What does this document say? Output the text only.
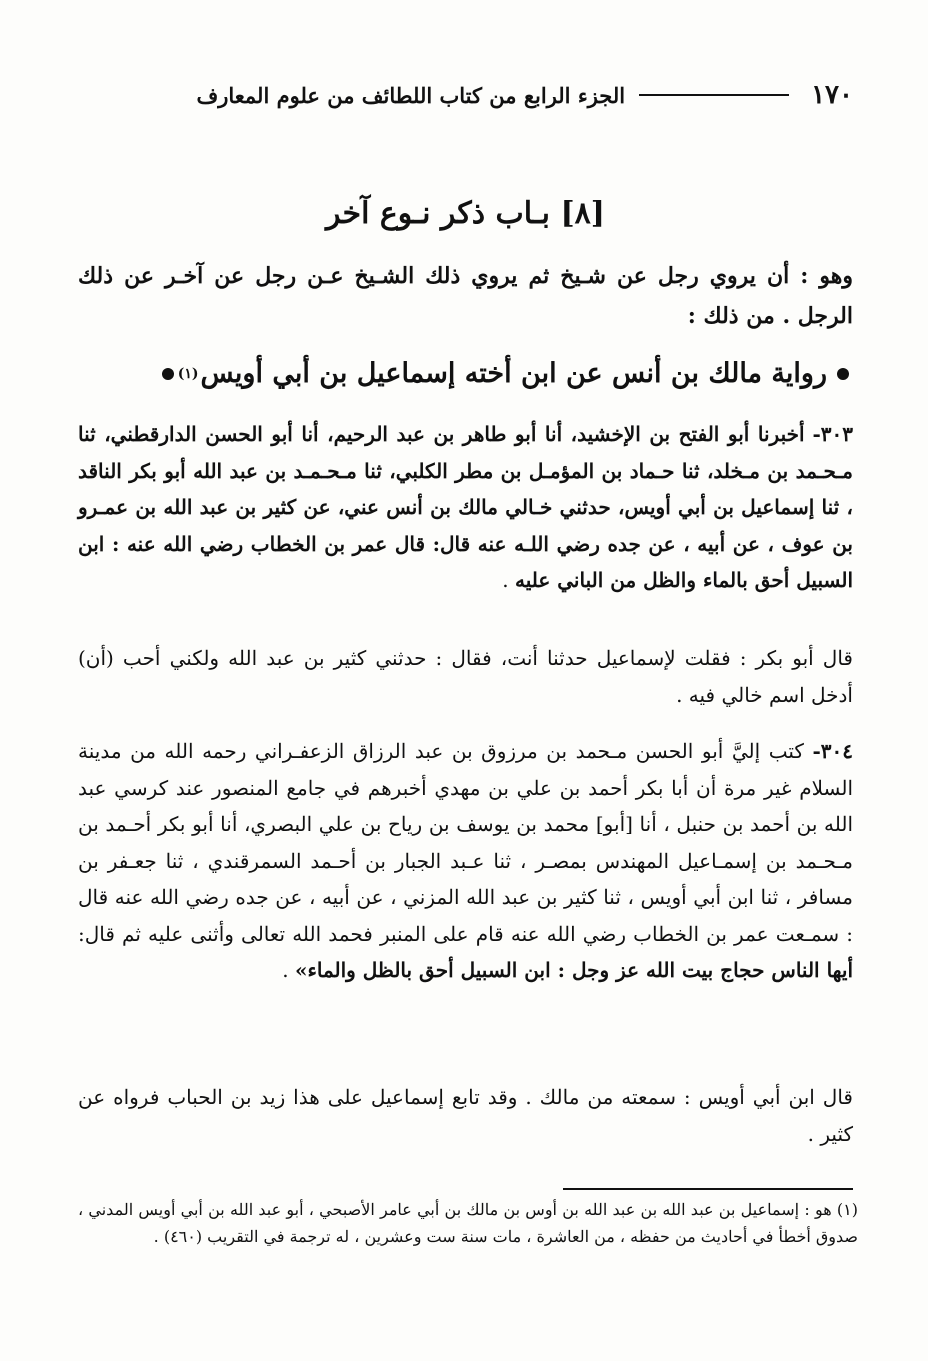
١٧٠
الجزء الرابع من كتاب اللطائف من علوم المعارف
[٨] بـاب ذكر نـوع آخر
وهو : أن يروي رجل عن شـيخ ثم يروي ذلك الشـيخ عـن رجل عن آخـر عن ذلك الرجل . من ذلك :
رواية مالك بن أنس عن ابن أخته إسماعيل بن أبي أويس
(١)
٣٠٣- أخبرنا أبو الفتح بن الإخشيد، أنا أبو طاهر بن عبد الرحيم، أنا أبو الحسن الدارقطني، ثنا مـحـمد بن مـخلد، ثنا حـماد بن المؤمـل بن مطر الكلبي، ثنا مـحـمـد بن عبد الله أبو بكر الناقد ، ثنا إسماعيل بن أبي أويس، حدثني خـالي مالك بن أنس عني، عن كثير بن عبد الله بن عمـرو بن عوف ، عن أبيه ، عن جده رضي اللـه عنه قال: قال عمر بن الخطاب رضي الله عنه : ابن السبيل أحق بالماء والظل من الباني عليه .
قال أبو بكر : فقلت لإسماعيل حدثنا أنت، فقال : حدثني كثير بن عبد الله ولكني أحب (أن) أدخل اسم خالي فيه .
٣٠٤- كتب إليَّ أبو الحسن مـحمد بن مرزوق بن عبد الرزاق الزعفـراني رحمه الله من مدينة السلام غير مرة أن أبا بكر أحمد بن علي بن مهدي أخبرهم في جامع المنصور عند كرسي عبد الله بن أحمد بن حنبل ، أنا [أبو] محمد بن يوسف بن رياح بن علي البصري، أنا أبو بكر أحـمد بن مـحـمد بن إسمـاعيل المهندس بمصـر ، ثنا عـبد الجبار بن أحـمد السمرقندي ، ثنا جعـفر بن مسافر ، ثنا ابن أبي أويس ، ثنا كثير بن عبد الله المزني ، عن أبيه ، عن جده رضي الله عنه قال : سمـعت عمر بن الخطاب رضي الله عنه قام على المنبر فحمد الله تعالى وأثنى عليه ثم قال: أيها الناس حجاج بيت الله عز وجل : ابن السبيل أحق بالظل والماء» .
قال ابن أبي أويس : سمعته من مالك . وقد تابع إسماعيل على هذا زيد بن الحباب فرواه عن كثير .
(١) هو : إسماعيل بن عبد الله بن عبد الله بن أوس بن مالك بن أبي عامر الأصبحي ، أبو عبد الله بن أبي أويس المدني ، صدوق أخطأ في أحاديث من حفظه ، من العاشرة ، مات سنة ست وعشرين ، له ترجمة في التقريب (٤٦٠) .
